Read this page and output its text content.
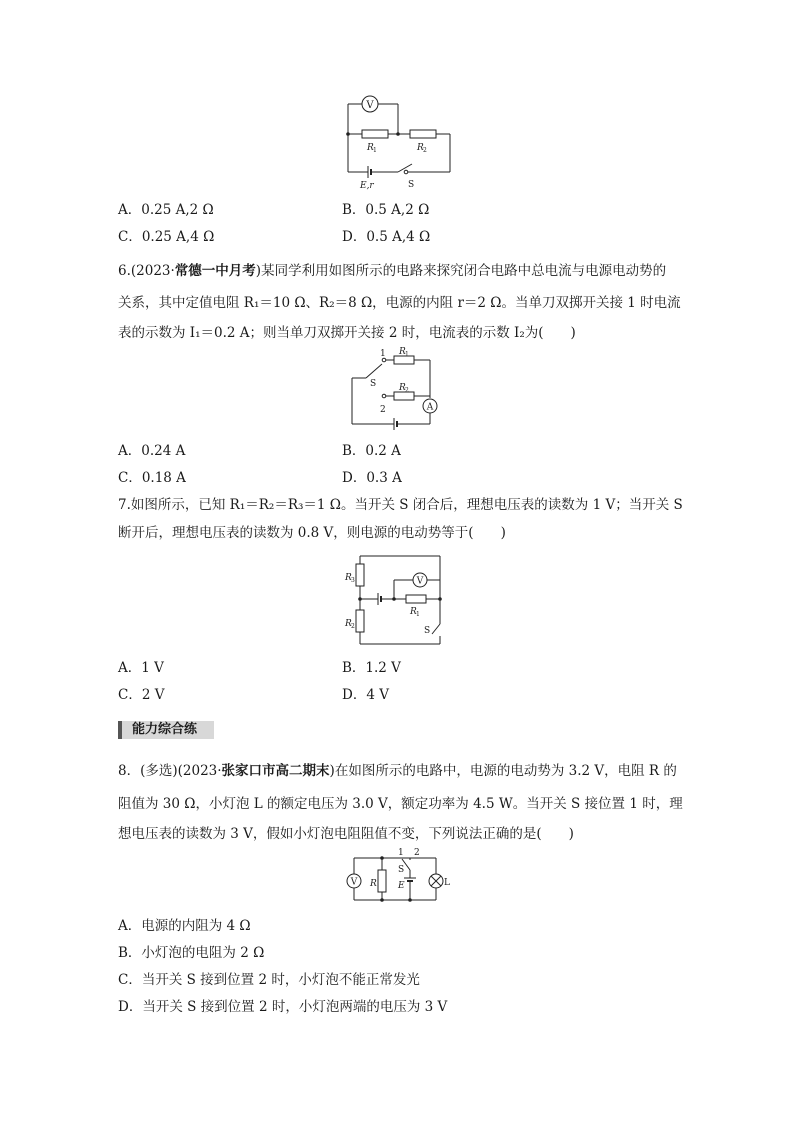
V
R 1	R 2
E,r	S
A．0.25 A,2 Ω	B．0.5 A,2 Ω
C．0.25 A,4 Ω	D．0.5 A,4 Ω
6.(2023·常德一中月考)某同学利用如图所示的电路来探究闭合电路中总电流与电源电动势的
关系，其中定值电阻 R₁＝10 Ω、R₂＝8 Ω，电源的内阻 r＝2 Ω。当单刀双掷开关接 1 时电流
表的示数为 I₁＝0.2 A；则当单刀双掷开关接 2 时，电流表的示数 I₂为(　　)
1
2
S
R 1
R 2
A
A．0.24 A	B．0.2 A
C．0.18 A	D．0.3 A
7.如图所示，已知 R₁＝R₂＝R₃＝1 Ω。当开关 S 闭合后，理想电压表的读数为 1 V；当开关 S
断开后，理想电压表的读数为 0.8 V，则电源的电动势等于(　　)
R 3
R 2
R 1
V
S
A．1 V	B．1.2 V
C．2 V	D．4 V
能力综合练
8．(多选)(2023·张家口市高二期末)在如图所示的电路中，电源的电动势为 3.2 V，电阻 R 的
阻值为 30 Ω，小灯泡 L 的额定电压为 3.0 V，额定功率为 4.5 W。当开关 S 接位置 1 时，理
想电压表的读数为 3 V，假如小灯泡电阻阻值不变，下列说法正确的是(　　)
V R
1 2
S
E	L
A．电源的内阻为 4 Ω
B．小灯泡的电阻为 2 Ω
C．当开关 S 接到位置 2 时，小灯泡不能正常发光
D．当开关 S 接到位置 2 时，小灯泡两端的电压为 3 V
